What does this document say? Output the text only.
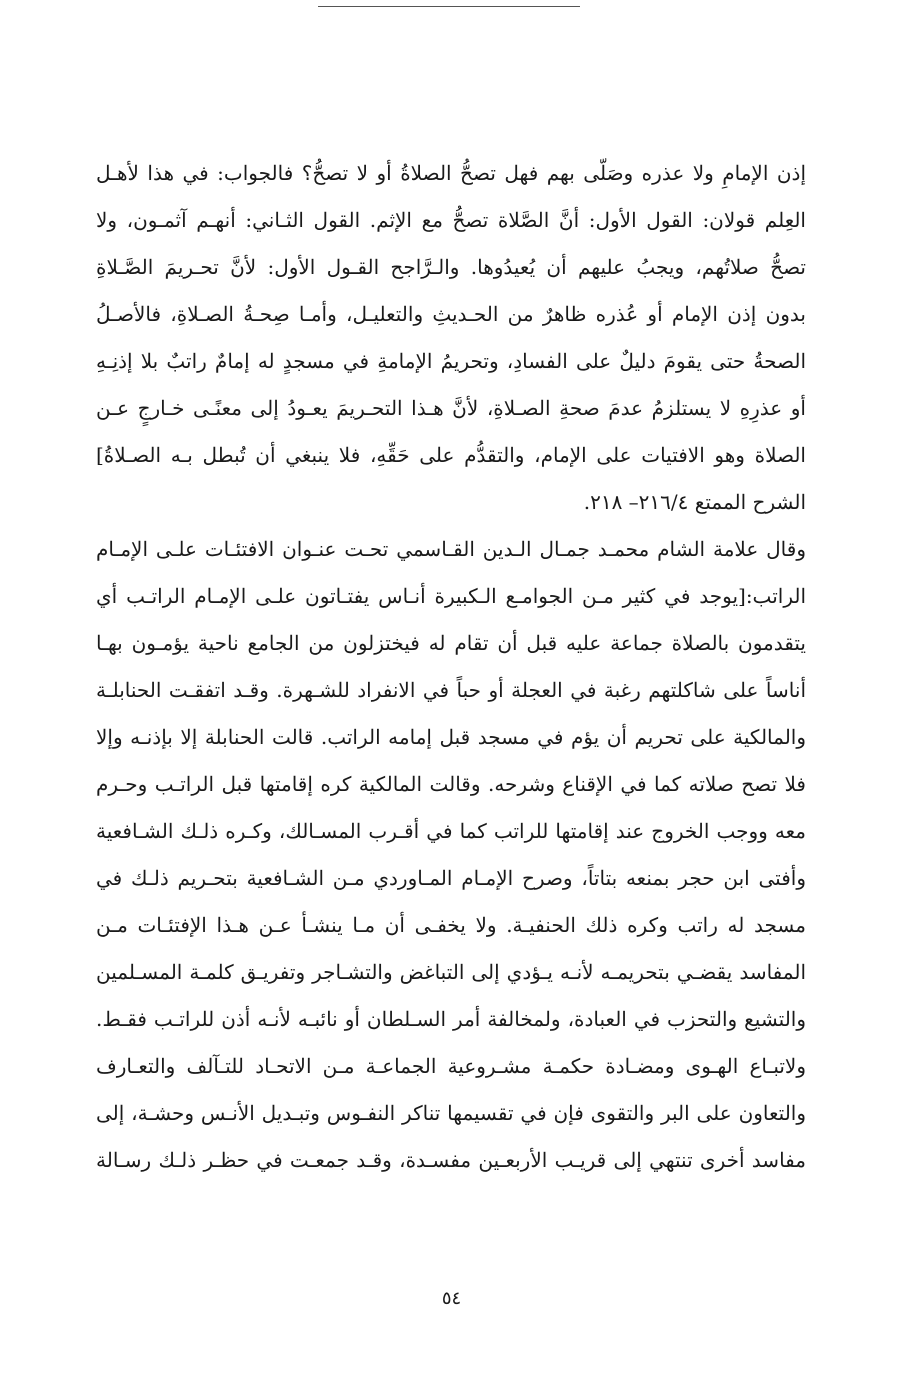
إذن الإمامِ ولا عذره وصَلّى بهم فهل تصحُّ الصلاةُ أو لا تصحُّ؟ فالجواب: في هذا لأهـل
العِلم قولان: القول الأول: أنَّ الصَّلاة تصحُّ مع الإثم. القول الثـاني: أنهـم آثمـون، ولا
تصحُّ صلاتُهم، ويجبُ عليهم أن يُعيدُوها. والـرَّاجح القـول الأول: لأنَّ تحـريمَ الصَّـلاةِ
بدون إذن الإمام أو عُذره ظاهرٌ من الحـديثِ والتعليـل، وأمـا صِحـةُ الصـلاةِ، فالأصـلُ
الصحةُ حتى يقومَ دليلٌ على الفسادِ، وتحريمُ الإمامةِ في مسجدٍ له إمامٌ راتبٌ بلا إذنِـهِ
أو عذرِهِ لا يستلزمُ عدمَ صحةِ الصـلاةِ، لأنَّ هـذا التحـريمَ يعـودُ إلى معنًـى خـارجٍ عـن
الصلاة وهو الافتيات على الإمام، والتقدُّم على حَقِّهِ، فلا ينبغي أن تُبطل بـه الصـلاةُ]
الشرح الممتع ٢١٦/٤– ٢١٨.

وقال علامة الشام محمـد جمـال الـدين القـاسمي تحـت عنـوان الافتئـات علـى الإمـام
الراتب:[يوجد في كثير مـن الجوامـع الـكبيرة أنـاس يفتـاتون علـى الإمـام الراتـب أي
يتقدمون بالصلاة جماعة عليه قبل أن تقام له فيختزلون من الجامع ناحية يؤمـون بهـا
أناساً على شاكلتهم رغبة في العجلة أو حباً في الانفراد للشـهرة. وقـد اتفقـت الحنابلـة
والمالكية على تحريم أن يؤم في مسجد قبل إمامه الراتب. قالت الحنابلة إلا بإذنـه وإلا
فلا تصح صلاته كما في الإقناع وشرحه. وقالت المالكية كره إقامتها قبل الراتـب وحـرم
معه ووجب الخروج عند إقامتها للراتب كما في أقـرب المسـالك، وكـره ذلـك الشـافعية
وأفتى ابن حجر بمنعه بتاتاً، وصرح الإمـام المـاوردي مـن الشـافعية بتحـريم ذلـك في
مسجد له راتب وكره ذلك الحنفيـة. ولا يخفـى أن مـا ينشـأ عـن هـذا الإفتئـات مـن
المفاسد يقضـي بتحريمـه لأنـه يـؤدي إلى التباغض والتشـاجر وتفريـق كلمـة المسـلمين
والتشيع والتحزب في العبادة، ولمخالفة أمر السـلطان أو نائبـه لأنـه أذن للراتـب فقـط.
ولاتبـاع الهـوى ومضـادة حكمـة مشـروعية الجماعـة مـن الاتحـاد للتـآلف والتعـارف
والتعاون على البر والتقوى فإن في تقسيمها تناكر النفـوس وتبـديل الأنـس وحشـة، إلى
مفاسد أخرى تنتهي إلى قريـب الأربعـين مفسـدة، وقـد جمعـت في حظـر ذلـك رسـالة

٥٤
